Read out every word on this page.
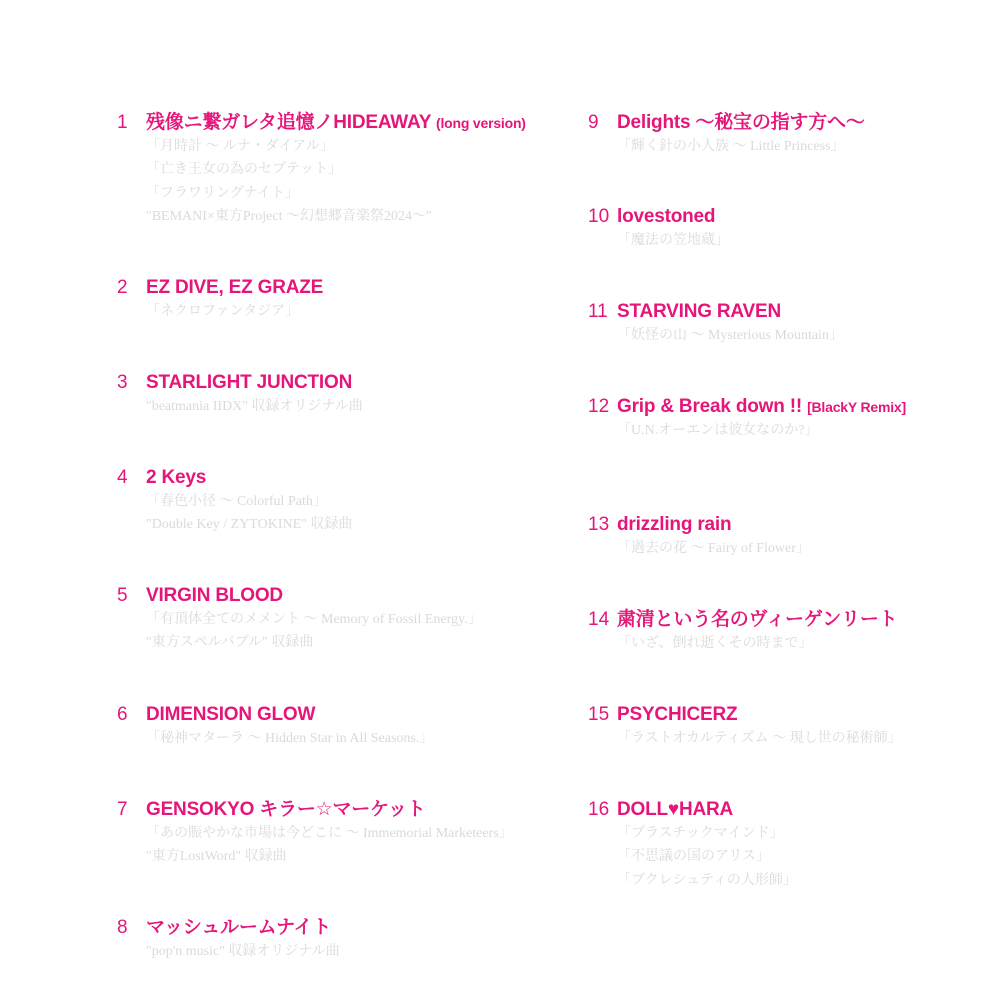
1 残像ニ繋ガレタ追憶ノHIDEAWAY (long version)
「月時計 ～ ルナ・ダイアル」
「亡き王女の為のセプテット」
「フラワリングナイト」
"BEMANI×東方Project ～幻想郷音楽祭2024～"
2 EZ DIVE, EZ GRAZE
「ネクロファンタジア」
3 STARLIGHT JUNCTION
"beatmania IIDX" 収録オリジナル曲
4 2 Keys
「春色小径 ～ Colorful Path」
"Double Key / ZYTOKINE" 収録曲
5 VIRGIN BLOOD
「有頂体全てのメメント ～ Memory of Fossil Energy.」
"東方スペルバブル" 収録曲
6 DIMENSION GLOW
「秘神マターラ ～ Hidden Star in All Seasons.」
7 GENSOKYO キラー☆マーケット
「あの賑やかな市場は今どこに ～ Immemorial Marketeers」
"東方LostWord" 収録曲
8 マッシュルームナイト
"pop'n music" 収録オリジナル曲
9 Delights ～秘宝の指す方へ～
「輝く針の小人族 ～ Little Princess」
10 lovestoned
「魔法の笠地蔵」
11 STARVING RAVEN
「妖怪の山 ～ Mysterious Mountain」
12 Grip & Break down !! [BlackY Remix]
「U.N.オーエンは彼女なのか?」
13 drizzling rain
「過去の花 ～ Fairy of Flower」
14 粛清という名のヴィーゲンリート
「いざ、倒れ逝くその時まで」
15 PSYCHICERZ
「ラストオカルティズム ～ 現し世の秘術師」
16 DOLL♥HARA
「プラスチックマインド」
「不思議の国のアリス」
「ブクレシュティの人形師」
